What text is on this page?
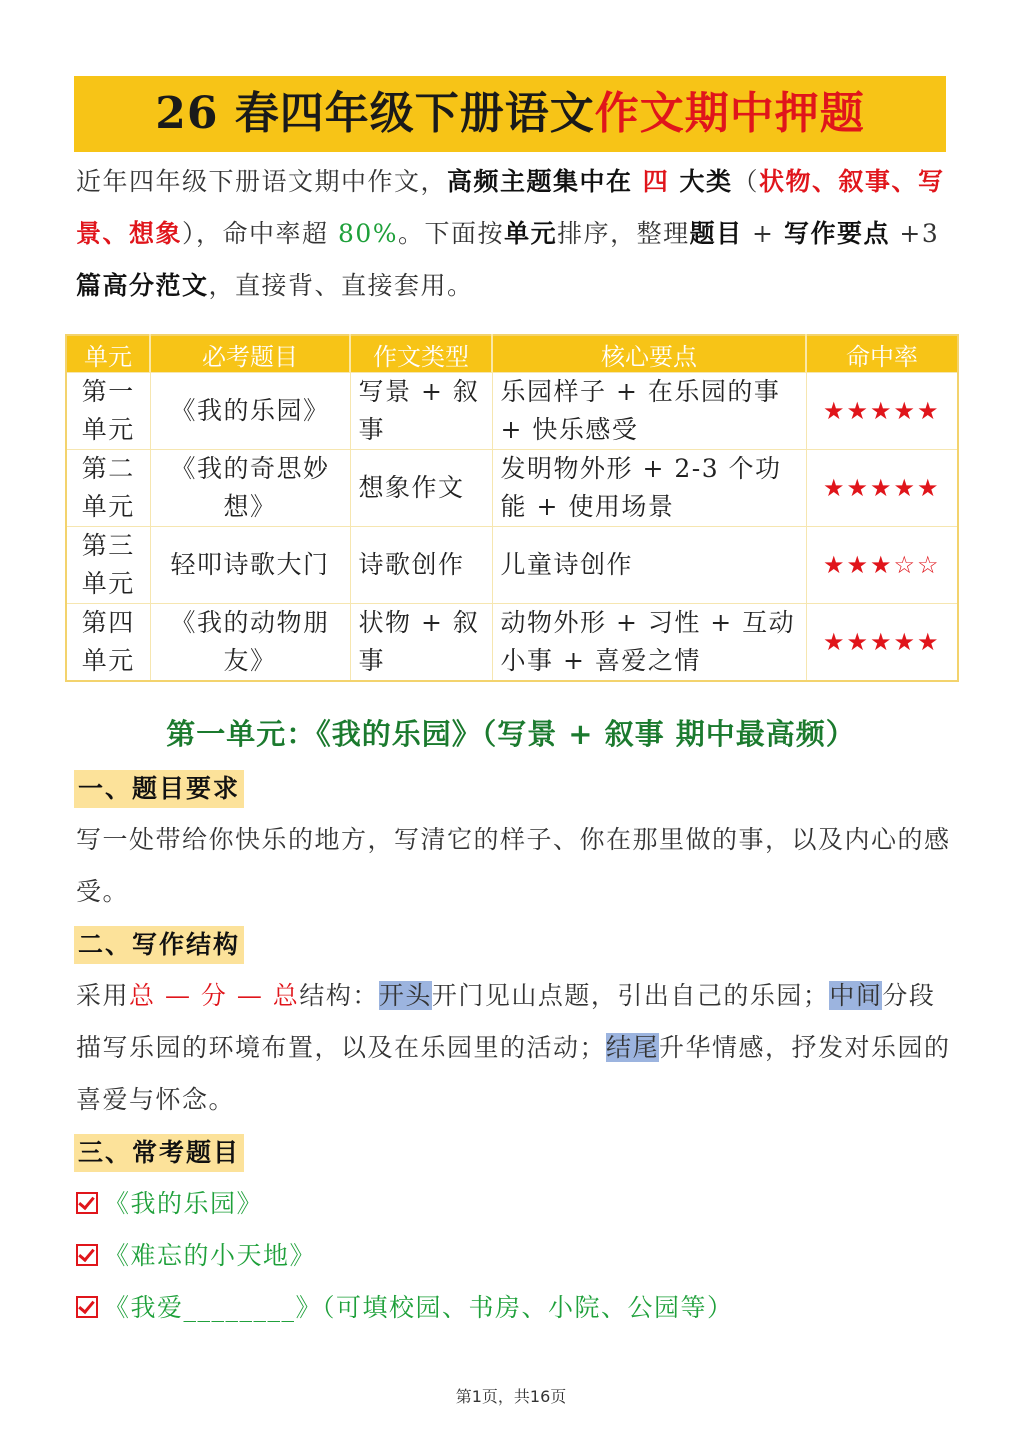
26 春四年级下册语文作文期中押题
近年四年级下册语文期中作文，高频主题集中在 四 大类（状物、叙事、写景、想象），命中率超 80%。下面按单元排序，整理题目 + 写作要点 +3 篇高分范文，直接背、直接套用。
单元	必考题目	作文类型	核心要点	命中率
第一单元	《我的乐园》	写景 + 叙事	乐园样子 + 在乐园的事 + 快乐感受	★★★★★
第二单元	《我的奇思妙想》	想象作文	发明物外形 + 2-3 个功能 + 使用场景	★★★★★
第三单元	轻叩诗歌大门	诗歌创作	儿童诗创作	★★★☆☆
第四单元	《我的动物朋友》	状物 + 叙事	动物外形 + 习性 + 互动小事 + 喜爱之情	★★★★★
第一单元：《我的乐园》（写景 + 叙事 期中最高频）
一、题目要求
写一处带给你快乐的地方，写清它的样子、你在那里做的事，以及内心的感受。
二、写作结构
采用总 — 分 — 总结构：开头开门见山点题，引出自己的乐园；中间分段描写乐园的环境布置，以及在乐园里的活动；结尾升华情感，抒发对乐园的喜爱与怀念。
三、常考题目
《我的乐园》
《难忘的小天地》
《我爱________》（可填校园、书房、小院、公园等）
第1页，共16页
